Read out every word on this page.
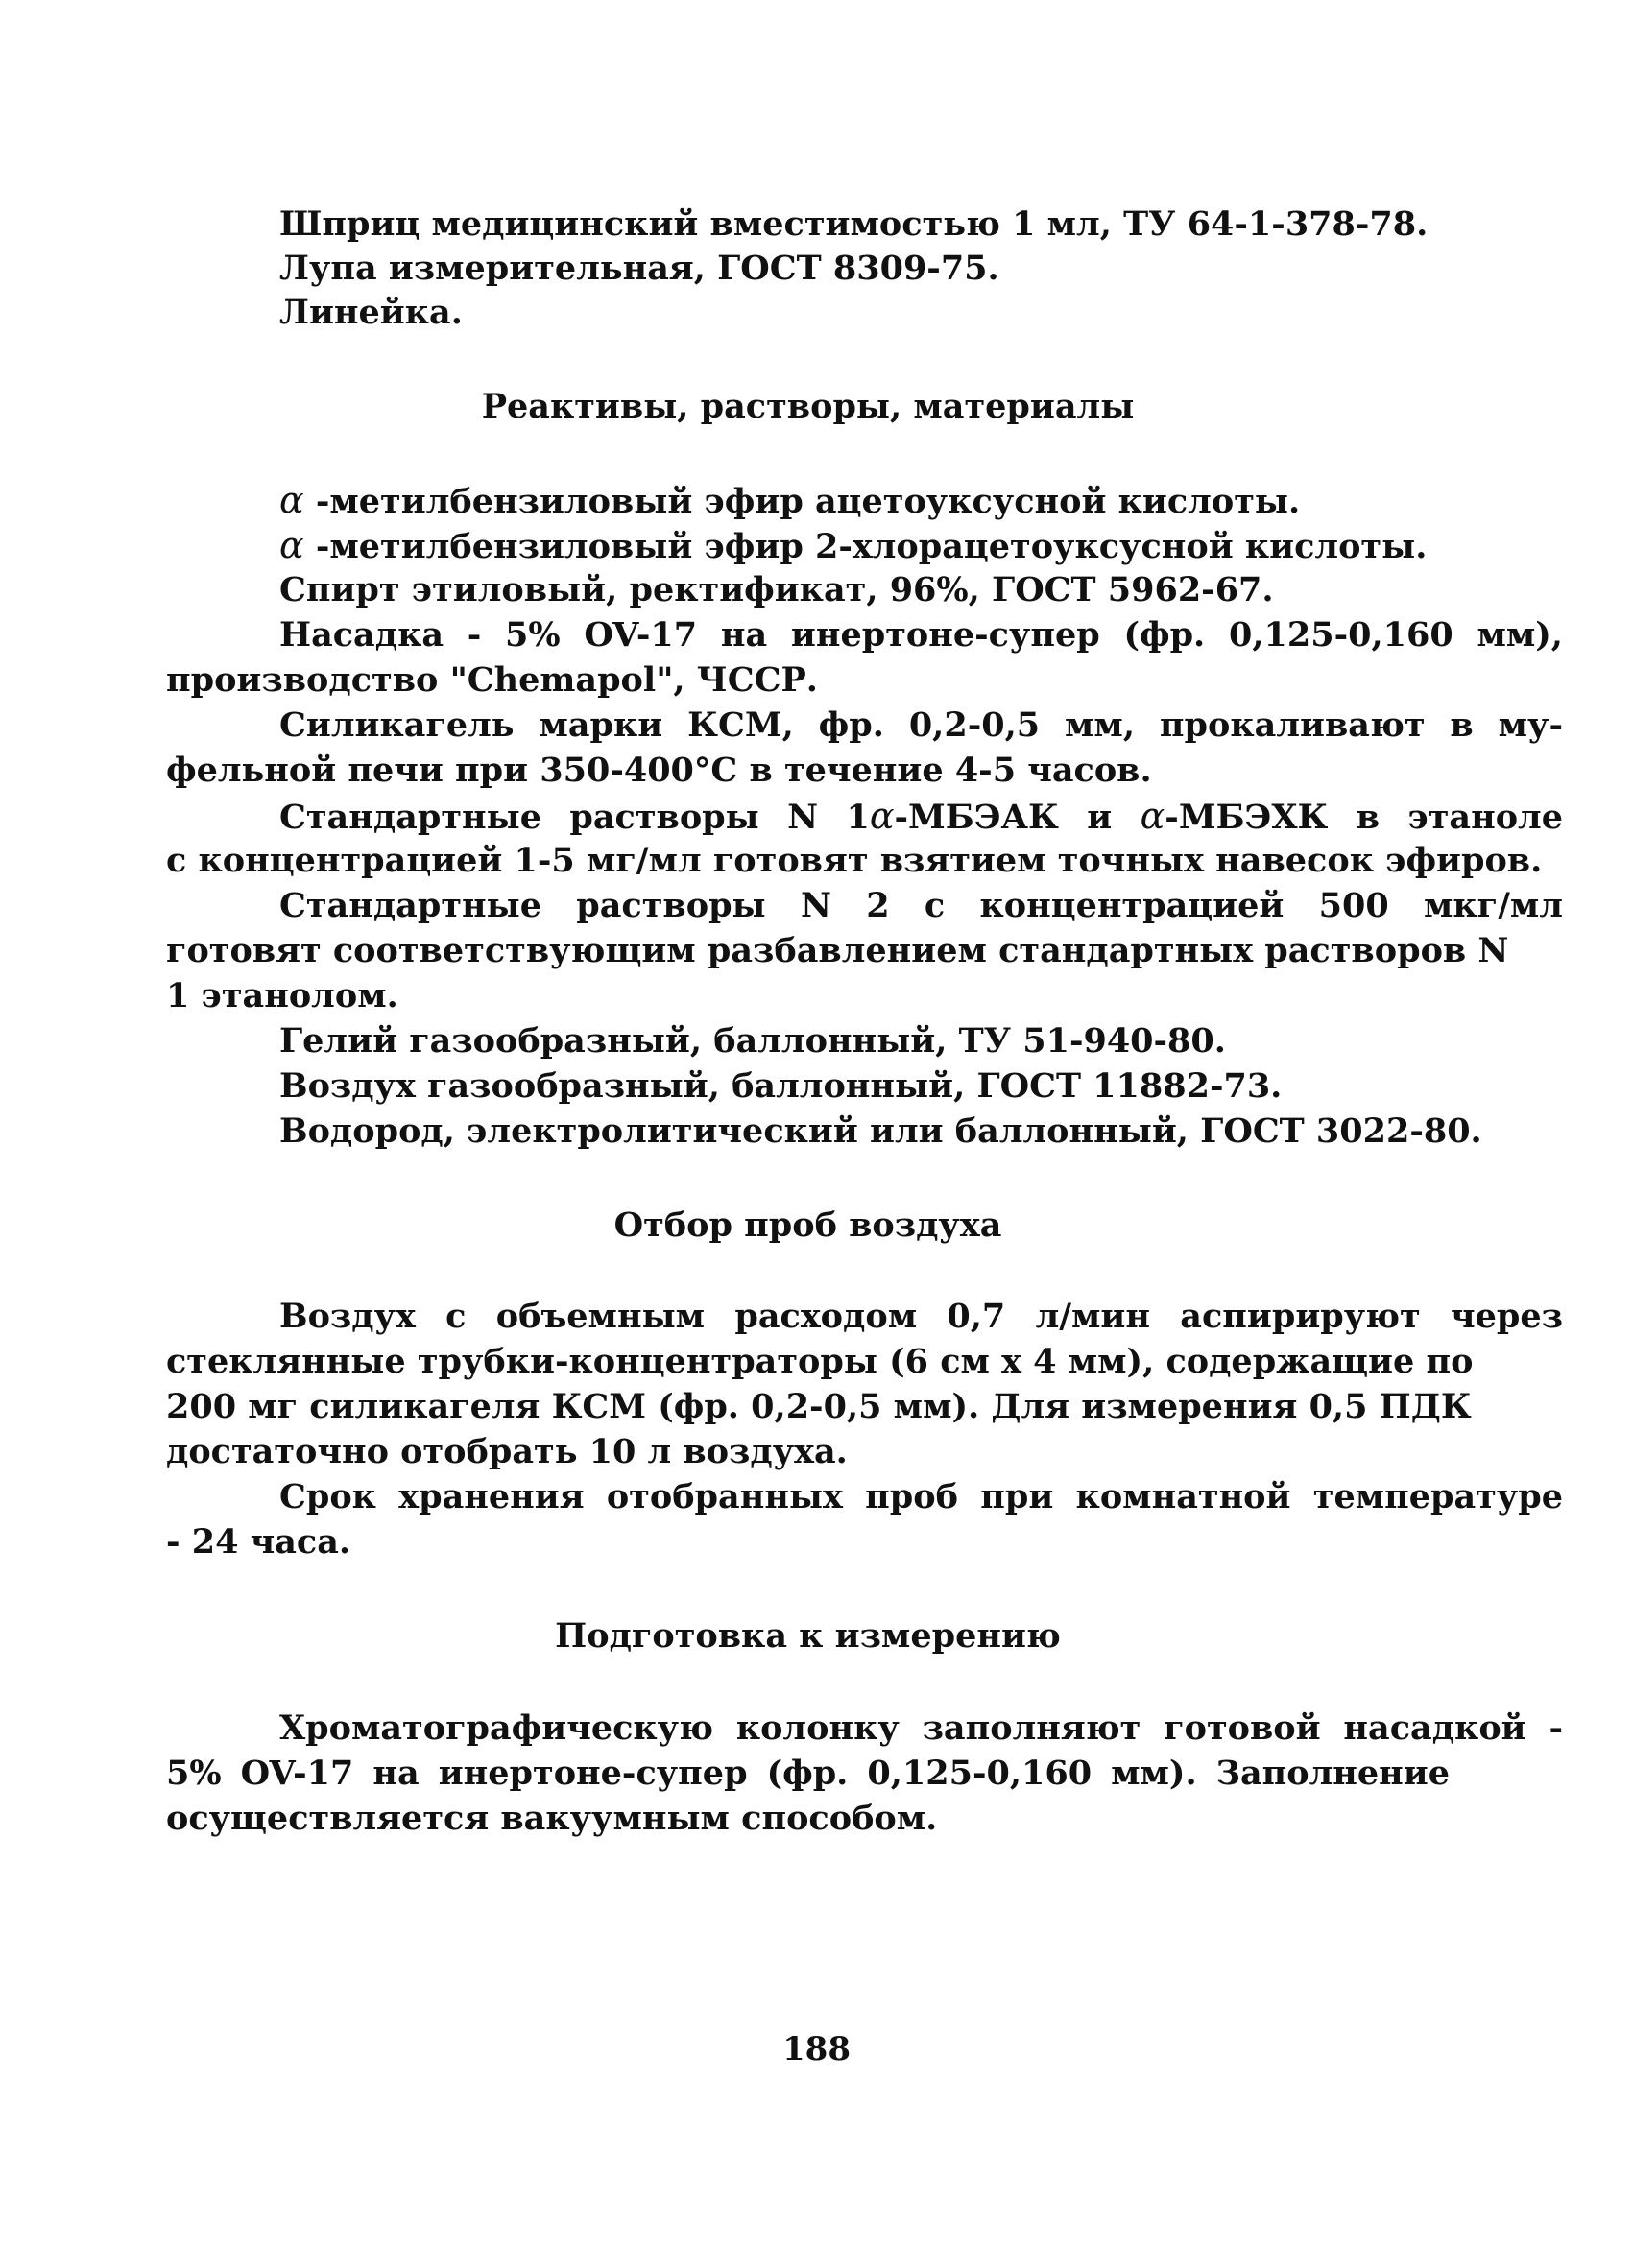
Шприц медицинский вместимостью 1 мл, ТУ 64-1-378-78.
Лупа измерительная, ГОСТ 8309-75.
Линейка.
Реактивы, растворы, материалы
α -метилбензиловый эфир ацетоуксусной кислоты.
α -метилбензиловый эфир 2-хлорацетоуксусной кислоты.
Спирт этиловый, ректификат, 96%, ГОСТ 5962-67.
Насадка - 5% OV-17 на инертоне-супер (фр. 0,125-0,160 мм),
производство "Chemapol", ЧССР.
Силикагель марки КСМ, фр. 0,2-0,5 мм, прокаливают в му-
фельной печи при 350-400°С в течение 4-5 часов.
Стандартные растворы N 1α-МБЭАК и α-МБЭХК в этаноле
с концентрацией 1-5 мг/мл готовят взятием точных навесок эфиров.
Стандартные растворы N 2 с концентрацией 500 мкг/мл
готовят соответствующим разбавлением стандартных растворов N
1 этанолом.
Гелий газообразный, баллонный, ТУ 51-940-80.
Воздух газообразный, баллонный, ГОСТ 11882-73.
Водород, электролитический или баллонный, ГОСТ 3022-80.
Отбор проб воздуха
Воздух с объемным расходом 0,7 л/мин аспирируют через
стеклянные трубки-концентраторы (6 см х 4 мм), содержащие по
200 мг силикагеля КСМ (фр. 0,2-0,5 мм). Для измерения 0,5 ПДК
достаточно отобрать 10 л воздуха.
Срок хранения отобранных проб при комнатной температуре
- 24 часа.
Подготовка к измерению
Хроматографическую колонку заполняют готовой насадкой -
5% OV-17 на инертоне-супер (фр. 0,125-0,160 мм). Заполнение
осуществляется вакуумным способом.
188
